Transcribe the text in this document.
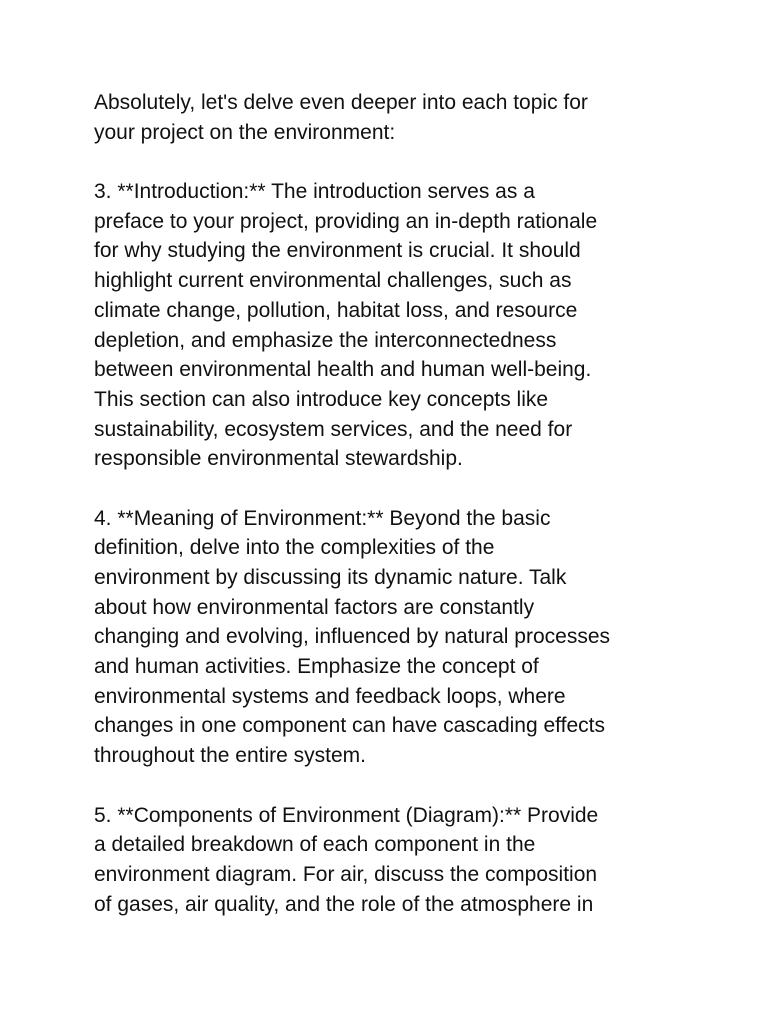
Absolutely, let's delve even deeper into each topic for
your project on the environment:
3. **Introduction:** The introduction serves as a
preface to your project, providing an in-depth rationale
for why studying the environment is crucial. It should
highlight current environmental challenges, such as
climate change, pollution, habitat loss, and resource
depletion, and emphasize the interconnectedness
between environmental health and human well-being.
This section can also introduce key concepts like
sustainability, ecosystem services, and the need for
responsible environmental stewardship.
4. **Meaning of Environment:** Beyond the basic
definition, delve into the complexities of the
environment by discussing its dynamic nature. Talk
about how environmental factors are constantly
changing and evolving, influenced by natural processes
and human activities. Emphasize the concept of
environmental systems and feedback loops, where
changes in one component can have cascading effects
throughout the entire system.
5. **Components of Environment (Diagram):** Provide
a detailed breakdown of each component in the
environment diagram. For air, discuss the composition
of gases, air quality, and the role of the atmosphere in
